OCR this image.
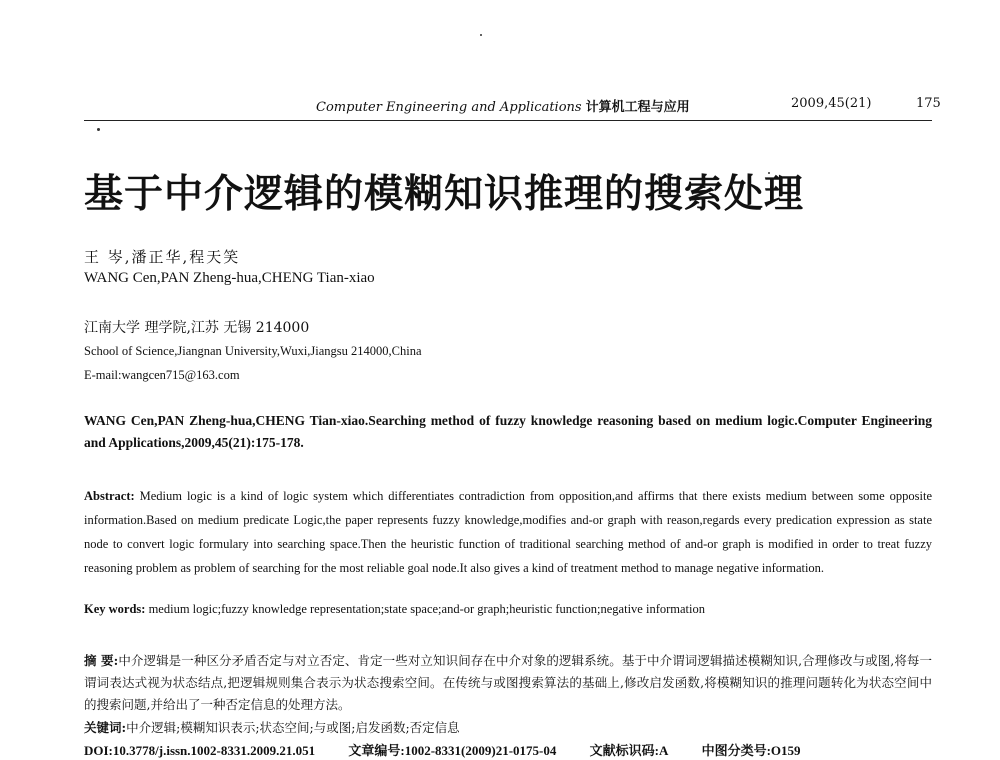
Computer Engineering and Applications 计算机工程与应用	2009,45(21)	175
基于中介逻辑的模糊知识推理的搜索处理
王 岑,潘正华,程天笑
WANG Cen,PAN Zheng-hua,CHENG Tian-xiao
江南大学 理学院,江苏 无锡 214000
School of Science,Jiangnan University,Wuxi,Jiangsu 214000,China
E-mail:wangcen715@163.com
WANG Cen,PAN Zheng-hua,CHENG Tian-xiao.Searching method of fuzzy knowledge reasoning based on medium logic.Computer Engineering and Applications,2009,45(21):175-178.
Abstract: Medium logic is a kind of logic system which differentiates contradiction from opposition,and affirms that there exists medium between some opposite information.Based on medium predicate Logic,the paper represents fuzzy knowledge,modifies and-or graph with reason,regards every predication expression as state node to convert logic formulary into searching space.Then the heuristic function of traditional searching method of and-or graph is modified in order to treat fuzzy reasoning problem as problem of searching for the most reliable goal node.It also gives a kind of treatment method to manage negative information.
Key words: medium logic;fuzzy knowledge representation;state space;and-or graph;heuristic function;negative information
摘 要:中介逻辑是一种区分矛盾否定与对立否定、肯定一些对立知识间存在中介对象的逻辑系统。基于中介谓词逻辑描述模糊知识,合理修改与或图,将每一谓词表达式视为状态结点,把逻辑规则集合表示为状态搜索空间。在传统与或图搜索算法的基础上,修改启发函数,将模糊知识的推理问题转化为状态空间中的搜索问题,并给出了一种否定信息的处理方法。
关键词:中介逻辑;模糊知识表示;状态空间;与或图;启发函数;否定信息
DOI:10.3778/j.issn.1002-8331.2009.21.051	文章编号:1002-8331(2009)21-0175-04	文献标识码:A	中图分类号:O159
